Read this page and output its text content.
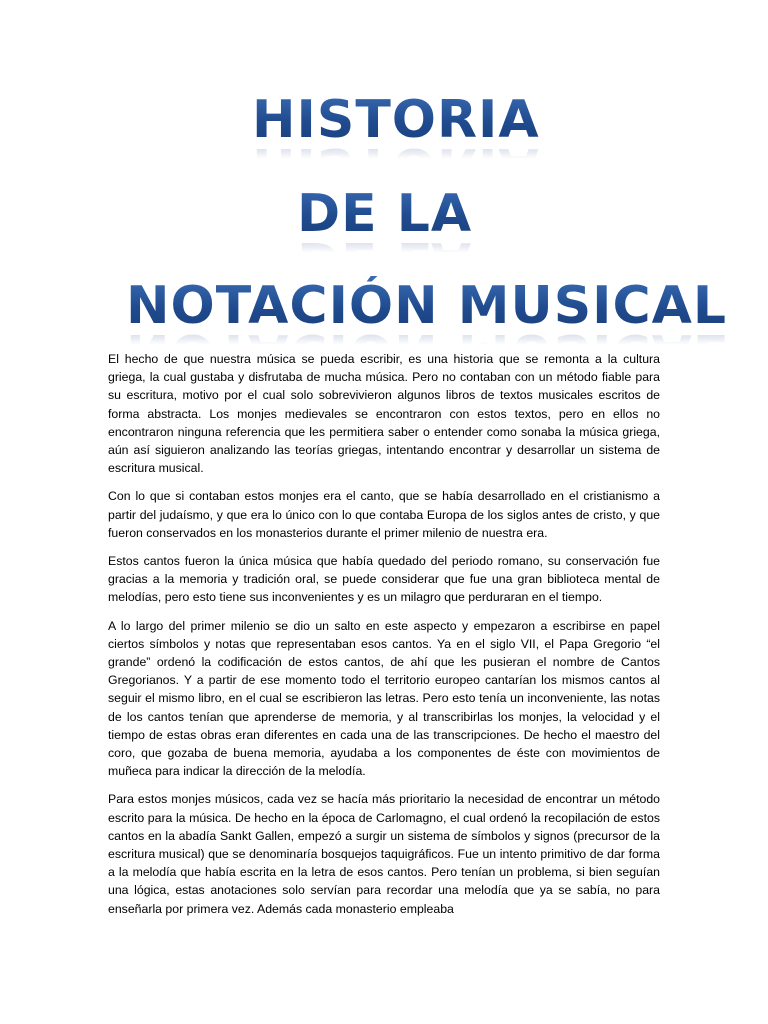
HISTORIA
DE LA
NOTACIÓN MUSICAL

El hecho de que nuestra música se pueda escribir, es una historia que se remonta a la cultura griega, la cual gustaba y disfrutaba de mucha música. Pero no contaban con un método fiable para su escritura, motivo por el cual solo sobrevivieron algunos libros de textos musicales escritos de forma abstracta. Los monjes medievales se encontraron con estos textos, pero en ellos no encontraron ninguna referencia que les permitiera saber o entender como sonaba la música griega, aún así siguieron analizando las teorías griegas, intentando encontrar y desarrollar un sistema de escritura musical.

Con lo que si contaban estos monjes era el canto, que se había desarrollado en el cristianismo a partir del judaísmo, y que era lo único con lo que contaba Europa de los siglos antes de cristo, y que fueron conservados en los monasterios durante el primer milenio de nuestra era.

Estos cantos fueron la única música que había quedado del periodo romano, su conservación fue gracias a la memoria y tradición oral, se puede considerar que fue una gran biblioteca mental de melodías, pero esto tiene sus inconvenientes y es un milagro que perduraran en el tiempo.

A lo largo del primer milenio se dio un salto en este aspecto y empezaron a escribirse en papel ciertos símbolos y notas que representaban esos cantos. Ya en el siglo VII, el Papa Gregorio “el grande” ordenó la codificación de estos cantos, de ahí que les pusieran el nombre de Cantos Gregorianos. Y a partir de ese momento todo el territorio europeo cantarían los mismos cantos al seguir el mismo libro, en el cual se escribieron las letras. Pero esto tenía un inconveniente, las notas de los cantos tenían que aprenderse de memoria, y al transcribirlas los monjes, la velocidad y el tiempo de estas obras eran diferentes en cada una de las transcripciones. De hecho el maestro del coro, que gozaba de buena memoria, ayudaba a los componentes de éste con movimientos de muñeca para indicar la dirección de la melodía.

Para estos monjes músicos, cada vez se hacía más prioritario la necesidad de encontrar un método escrito para la música. De hecho en la época de Carlomagno, el cual ordenó la recopilación de estos cantos en la abadía Sankt Gallen, empezó a surgir un sistema de símbolos y signos (precursor de la escritura musical) que se denominaría bosquejos taquigráficos. Fue un intento primitivo de dar forma a la melodía que había escrita en la letra de esos cantos. Pero tenían un problema, si bien seguían una lógica, estas anotaciones solo servían para recordar una melodía que ya se sabía, no para enseñarla por primera vez. Además cada monasterio empleaba
